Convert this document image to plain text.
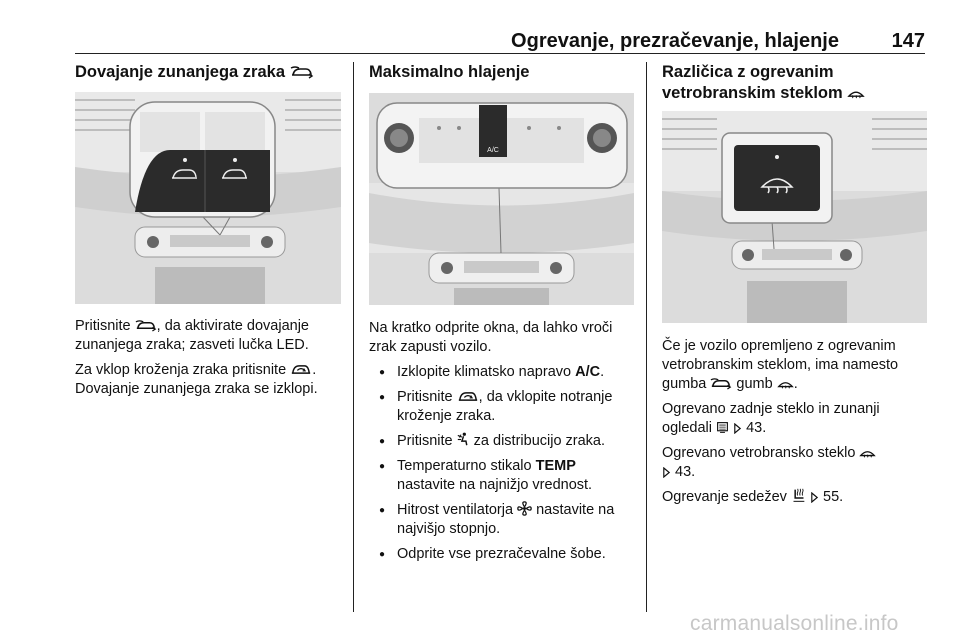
Ogrevanje, prezračevanje, hlajenje	147
Dovajanje zunanjega zraka

Pritisnite , da aktivirate dovajanje zunanjega zraka; zasveti lučka LED.

Za vklop kroženja zraka pritisnite . Dovajanje zunanjega zraka se izklopi.

Maksimalno hlajenje
A/C

Na kratko odprite okna, da lahko vroči zrak zapusti vozilo.

● Izklopite klimatsko napravo A/C.
● Pritisnite , da vklopite notranje kroženje zraka.
● Pritisnite  za distribucijo zraka.
● Temperaturno stikalo TEMP nastavite na najnižjo vrednost.
● Hitrost ventilatorja nastavite na najvišjo stopnjo.
● Odprite vse prezračevalne šobe.
Različica z ogrevanim
vetrobranskim steklom

Če je vozilo opremljeno z ogrevanim vetrobranskim steklom, ima namesto gumba gumb .

Ogrevano zadnje steklo in zunanji ogledali 43.

Ogrevano vetrobransko steklo
43.

Ogrevanje sedežev 55.

carmanualsonline.info
